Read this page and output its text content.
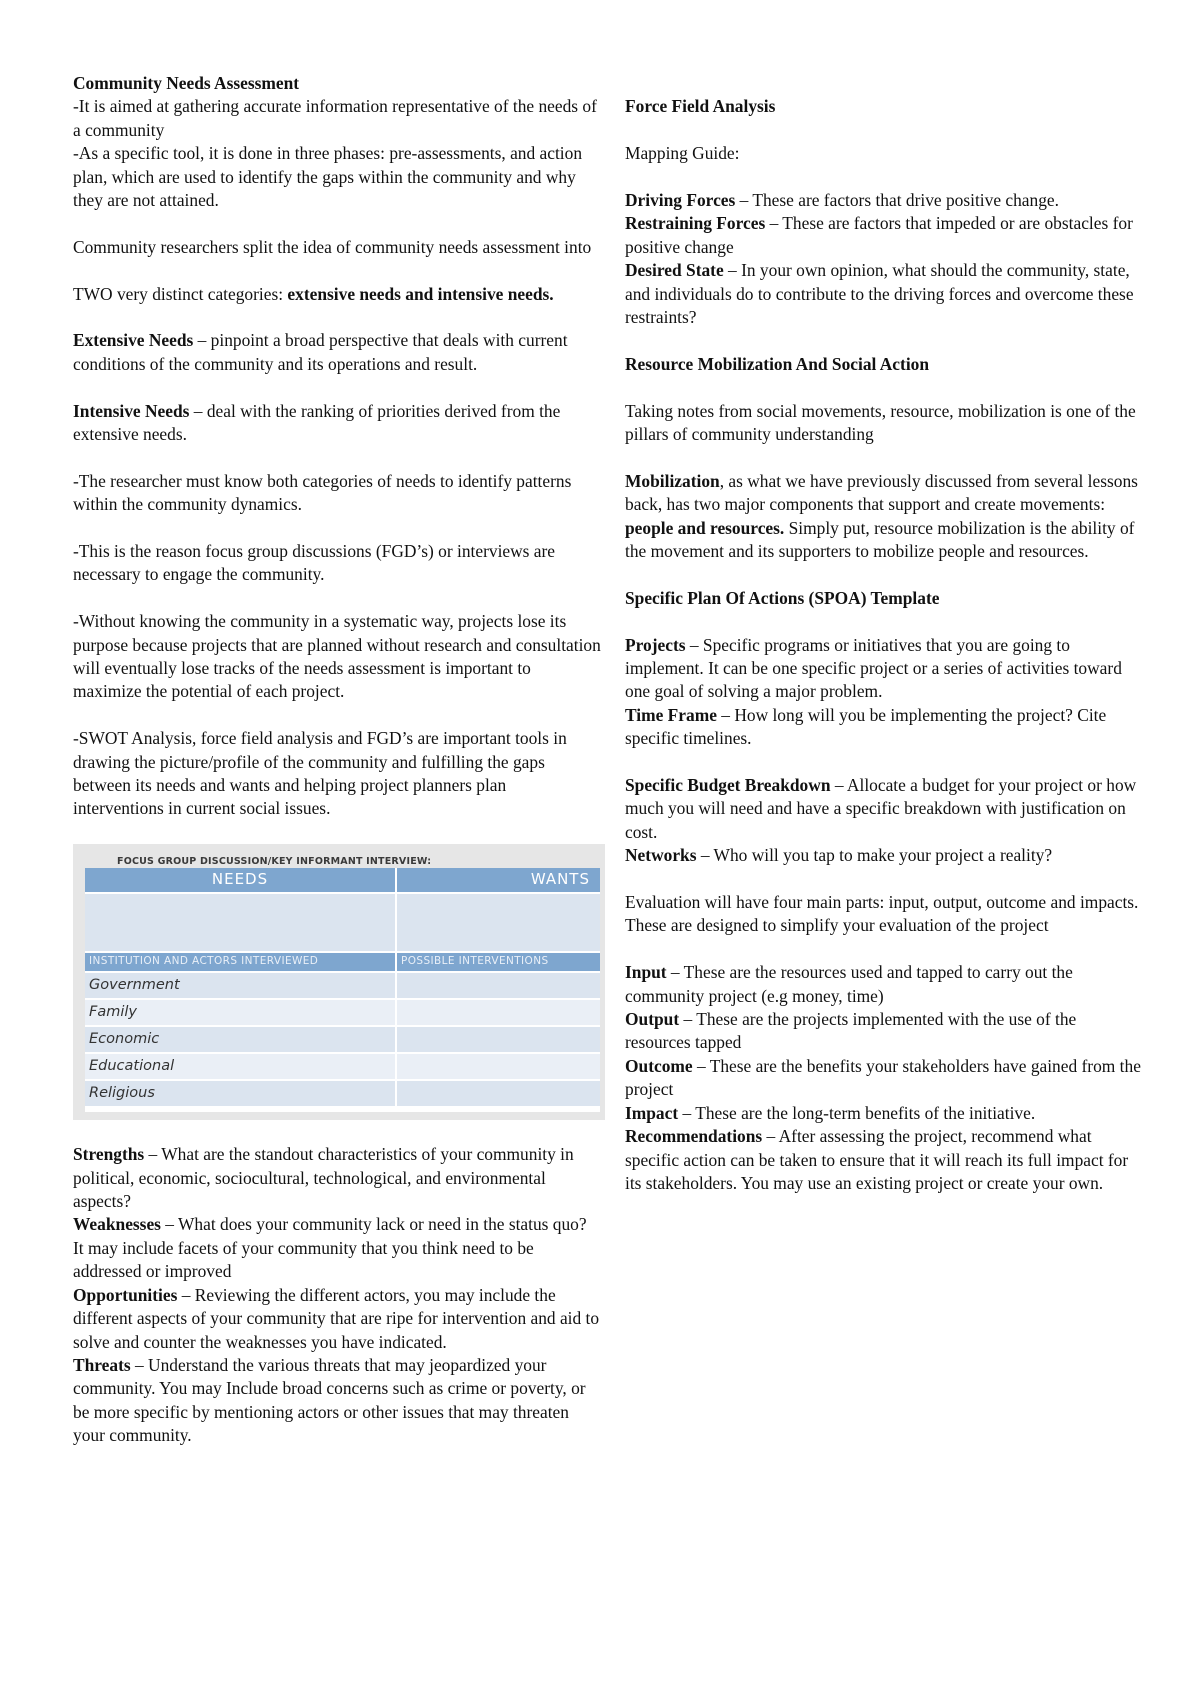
Community Needs Assessment

-It is aimed at gathering accurate information representative of the needs of a community

-As a specific tool, it is done in three phases: pre-assessments, and action plan, which are used to identify the gaps within the community and why they are not attained.

Community researchers split the idea of community needs assessment into

TWO very distinct categories: extensive needs and intensive needs.

Extensive Needs – pinpoint a broad perspective that deals with current conditions of the community and its operations and result.

Intensive Needs – deal with the ranking of priorities derived from the extensive needs.

-The researcher must know both categories of needs to identify patterns within the community dynamics.

-This is the reason focus group discussions (FGD’s) or interviews are necessary to engage the community.

-Without knowing the community in a systematic way, projects lose its purpose because projects that are planned without research and consultation will eventually lose tracks of the needs assessment is important to maximize the potential of each project.

-SWOT Analysis, force field analysis and FGD’s are important tools in drawing the picture/profile of the community and fulfilling the gaps between its needs and wants and helping project planners plan interventions in current social issues.

FOCUS GROUP DISCUSSION/KEY INFORMANT INTERVIEW:
NEEDS	WANTS
INSTITUTION AND ACTORS INTERVIEWED	POSSIBLE INTERVENTIONS
Government
Family
Economic
Educational
Religious

Strengths – What are the standout characteristics of your community in political, economic, sociocultural, technological, and environmental aspects?

Weaknesses – What does your community lack or need in the status quo? It may include facets of your community that you think need to be addressed or improved

Opportunities – Reviewing the different actors, you may include the different aspects of your community that are ripe for intervention and aid to solve and counter the weaknesses you have indicated.

Threats – Understand the various threats that may jeopardized your community. You may Include broad concerns such as crime or poverty, or be more specific by mentioning actors or other issues that may threaten your community.

Force Field Analysis

Mapping Guide:

Driving Forces – These are factors that drive positive change.

Restraining Forces – These are factors that impeded or are obstacles for positive change

Desired State – In your own opinion, what should the community, state, and individuals do to contribute to the driving forces and overcome these restraints?

Resource Mobilization And Social Action

Taking notes from social movements, resource, mobilization is one of the pillars of community understanding

Mobilization, as what we have previously discussed from several lessons back, has two major components that support and create movements:

people and resources. Simply put, resource mobilization is the ability of the movement and its supporters to mobilize people and resources.

Specific Plan Of Actions (SPOA) Template

Projects – Specific programs or initiatives that you are going to implement. It can be one specific project or a series of activities toward one goal of solving a major problem.

Time Frame – How long will you be implementing the project? Cite specific timelines.

Specific Budget Breakdown – Allocate a budget for your project or how much you will need and have a specific breakdown with justification on cost.

Networks – Who will you tap to make your project a reality?

Evaluation will have four main parts: input, output, outcome and impacts. These are designed to simplify your evaluation of the project

Input – These are the resources used and tapped to carry out the community project (e.g money, time)

Output – These are the projects implemented with the use of the resources tapped

Outcome – These are the benefits your stakeholders have gained from the project

Impact – These are the long-term benefits of the initiative.

Recommendations – After assessing the project, recommend what specific action can be taken to ensure that it will reach its full impact for its stakeholders. You may use an existing project or create your own.
